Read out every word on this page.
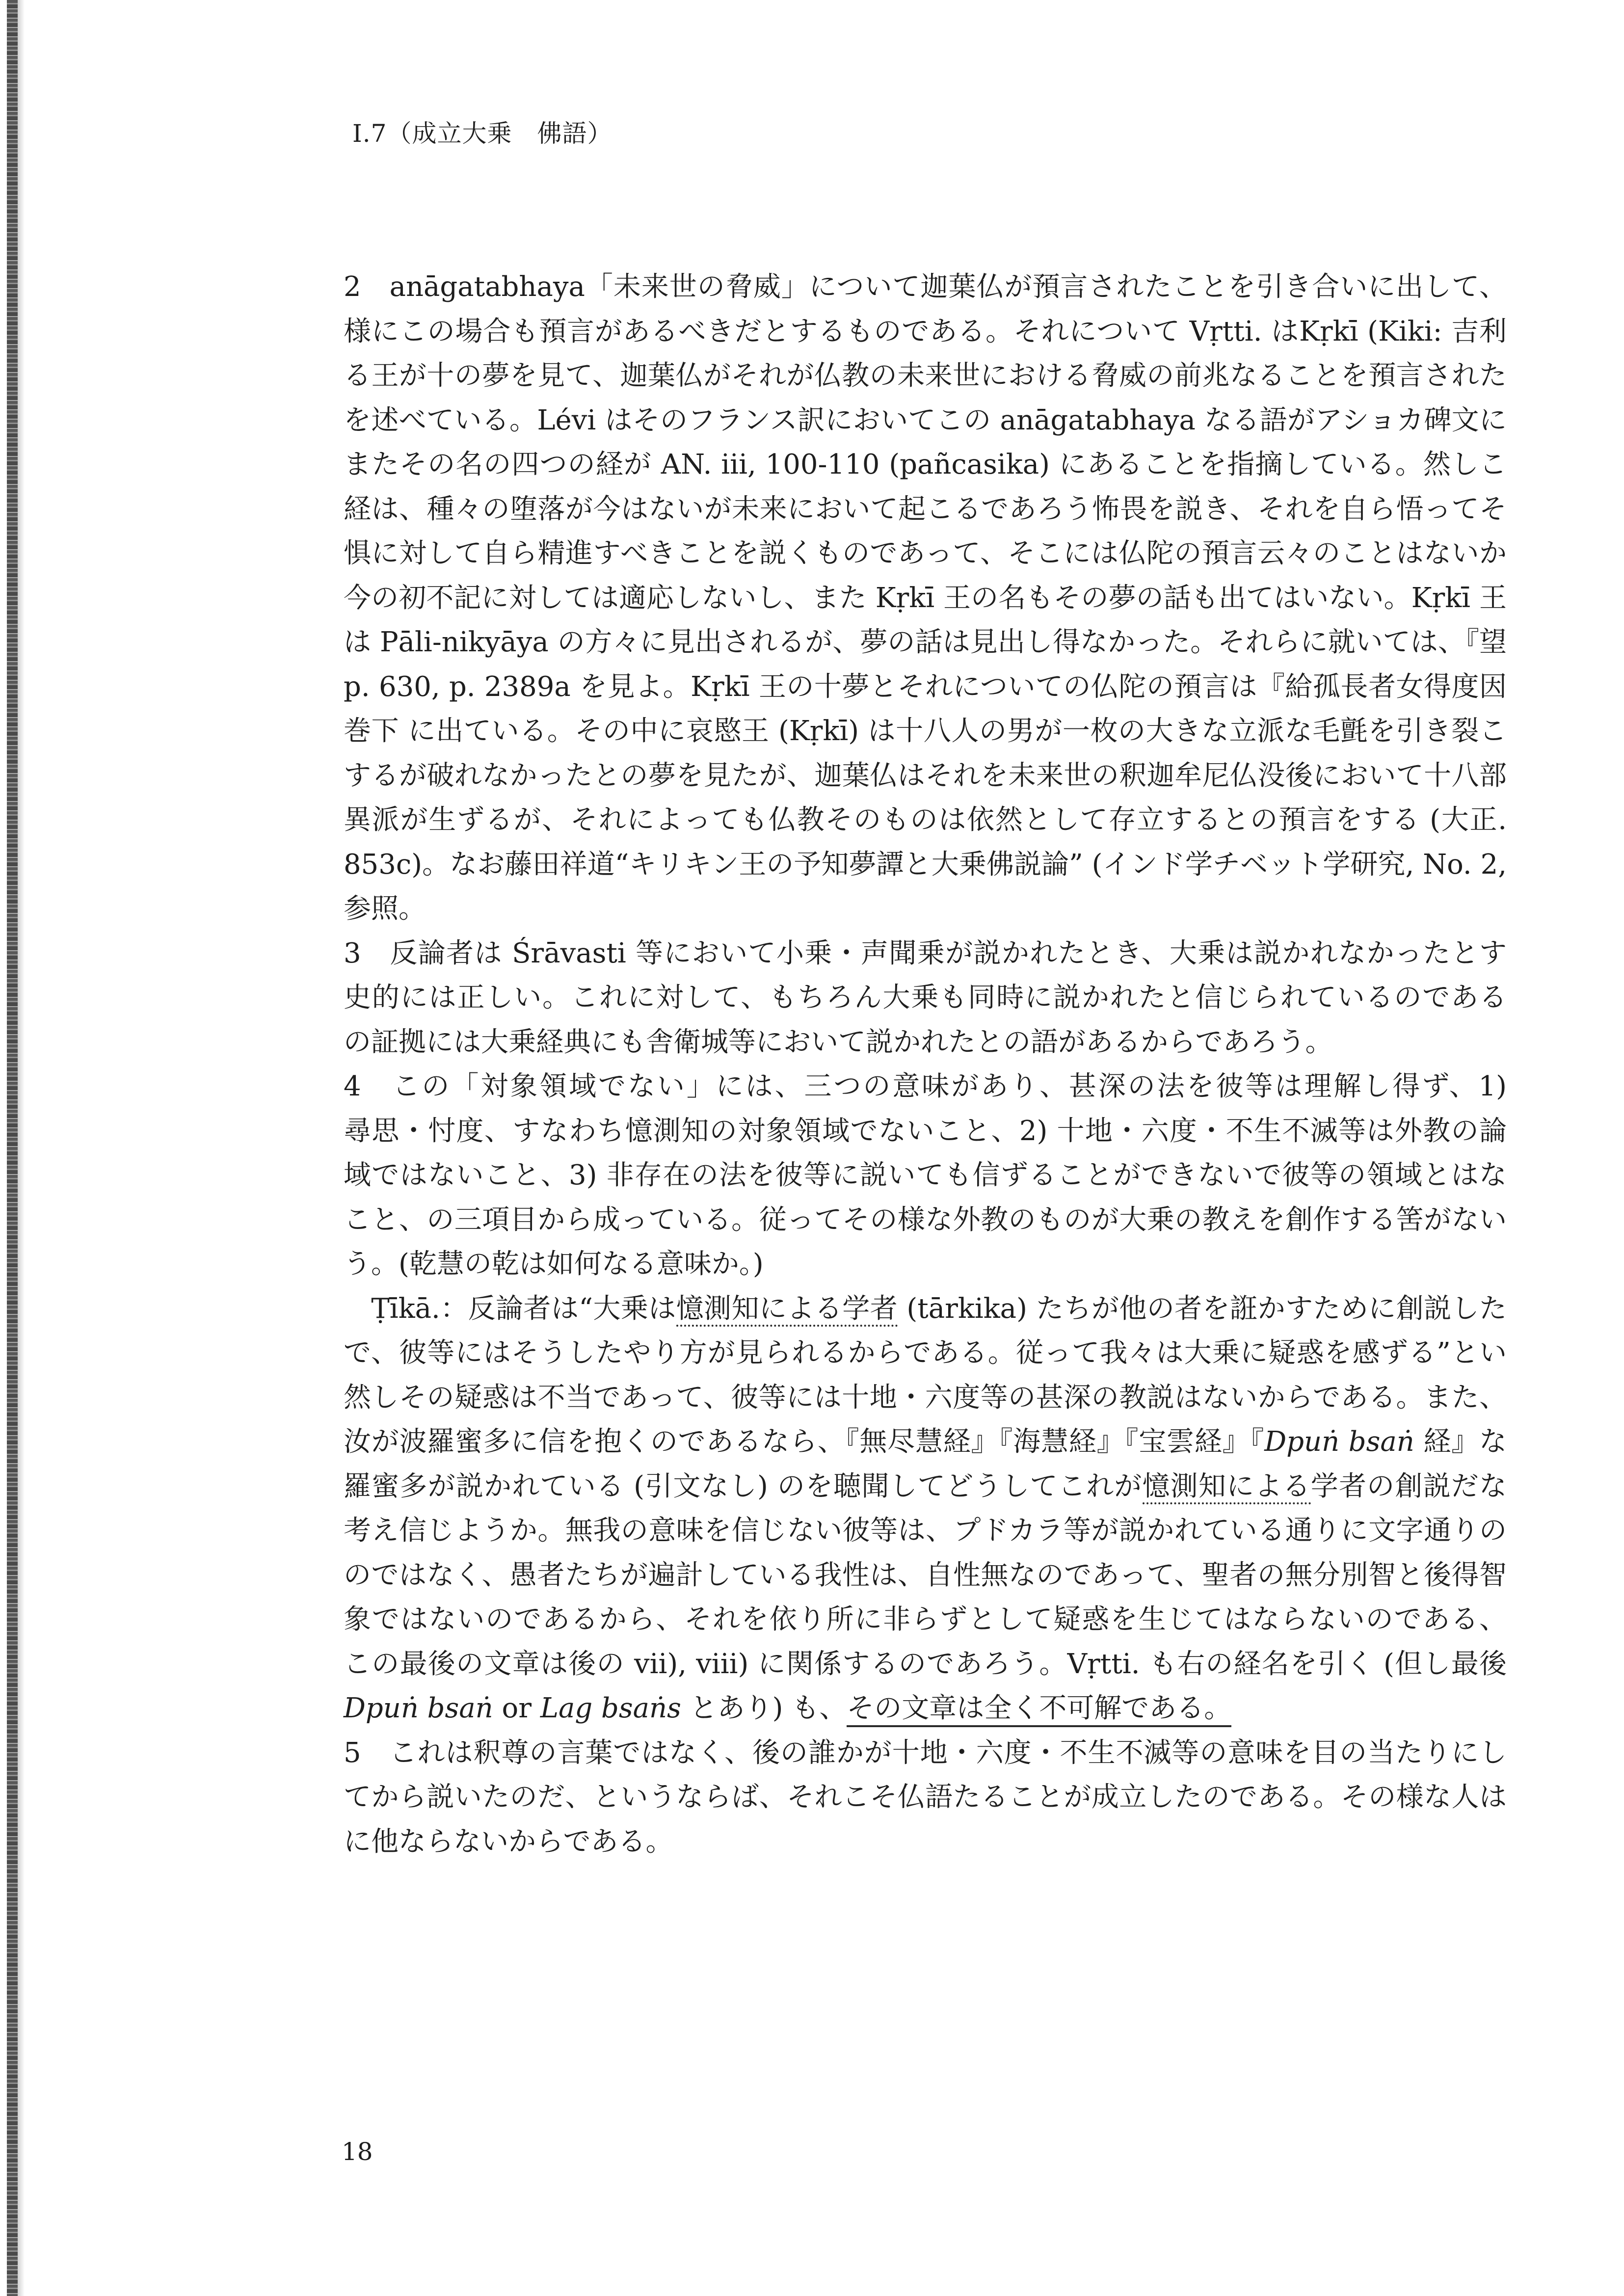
I.7（成立大乗　佛語）
2　anāgatabhaya「未来世の脅威」について迦葉仏が預言されたことを引き合いに出して、
様にこの場合も預言があるべきだとするものである。それについて Vṛtti. はKṛkī (Kiki: 吉利
る王が十の夢を見て、迦葉仏がそれが仏教の未来世における脅威の前兆なることを預言された
を述べている。Lévi はそのフランス訳においてこの anāgatabhaya なる語がアショカ碑文に
またその名の四つの経が AN. iii, 100-110 (pañcasika) にあることを指摘している。然しこ
経は、種々の堕落が今はないが未来において起こるであろう怖畏を説き、それを自ら悟ってそ
惧に対して自ら精進すべきことを説くものであって、そこには仏陀の預言云々のことはないか
今の初不記に対しては適応しないし、また Kṛkī 王の名もその夢の話も出てはいない。Kṛkī 王
は Pāli-nikyāya の方々に見出されるが、夢の話は見出し得なかった。それらに就いては、『望
p. 630, p. 2389a を見よ。Kṛkī 王の十夢とそれについての仏陀の預言は『給孤長者女得度因
巻下 に出ている。その中に哀愍王 (Kṛkī) は十八人の男が一枚の大きな立派な毛氈を引き裂こ
するが破れなかったとの夢を見たが、迦葉仏はそれを未来世の釈迦牟尼仏没後において十八部
異派が生ずるが、それによっても仏教そのものは依然として存立するとの預言をする (大正.
853c)。なお藤田祥道“キリキン王の予知夢譚と大乗佛説論” (インド学チベット学研究, No. 2,
参照。
3　反論者は Śrāvasti 等において小乗・声聞乗が説かれたとき、大乗は説かれなかったとす
史的には正しい。これに対して、もちろん大乗も同時に説かれたと信じられているのである
の証拠には大乗経典にも舎衛城等において説かれたとの語があるからであろう。
4　この「対象領域でない」には、三つの意味があり、甚深の法を彼等は理解し得ず、1)
尋思・忖度、すなわち憶測知の対象領域でないこと、2) 十地・六度・不生不滅等は外教の論
域ではないこと、3) 非存在の法を彼等に説いても信ずることができないで彼等の領域とはな
こと、の三項目から成っている。従ってその様な外教のものが大乗の教えを創作する筈がない
う。(乾慧の乾は如何なる意味か。)
　Ṭīkā.：反論者は“大乗は憶測知による学者 (tārkika) たちが他の者を誑かすために創説した
で、彼等にはそうしたやり方が見られるからである。従って我々は大乗に疑惑を感ずる”とい
然しその疑惑は不当であって、彼等には十地・六度等の甚深の教説はないからである。また、
汝が波羅蜜多に信を抱くのであるなら、『無尽慧経』『海慧経』『宝雲経』『Dpuṅ bsaṅ 経』な
羅蜜多が説かれている (引文なし) のを聴聞してどうしてこれが憶測知による学者の創説だな
考え信じようか。無我の意味を信じない彼等は、プドカラ等が説かれている通りに文字通りの
のではなく、愚者たちが遍計している我性は、自性無なのであって、聖者の無分別智と後得智
象ではないのであるから、それを依り所に非らずとして疑惑を生じてはならないのである、
この最後の文章は後の vii), viii) に関係するのであろう。Vṛtti. も右の経名を引く (但し最後
Dpuṅ bsaṅ or Lag bsaṅs とあり) も、その文章は全く不可解である。
5　これは釈尊の言葉ではなく、後の誰かが十地・六度・不生不滅等の意味を目の当たりにし
てから説いたのだ、というならば、それこそ仏語たることが成立したのである。その様な人は
に他ならないからである。
18
